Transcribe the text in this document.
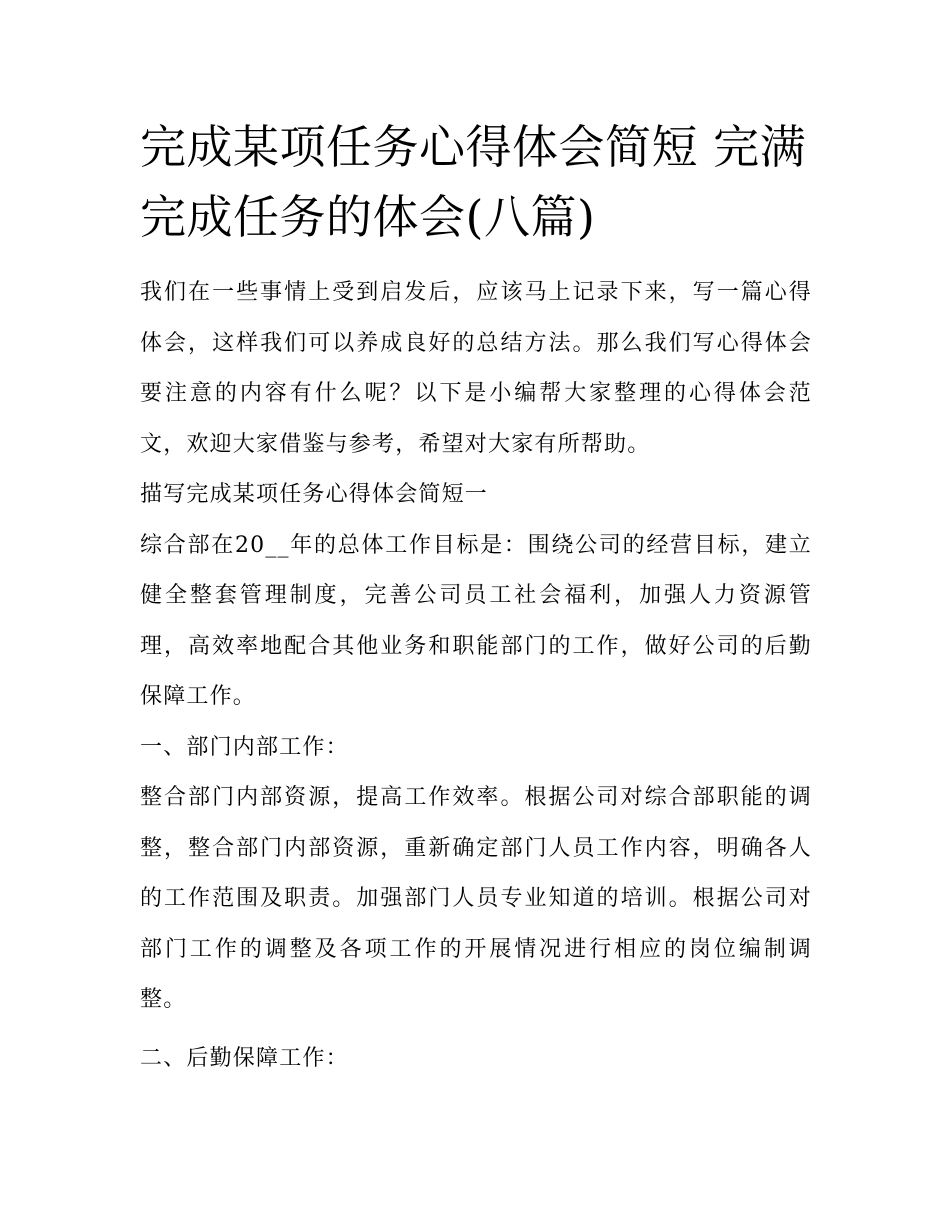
完成某项任务心得体会简短 完满完成任务的体会(八篇)

我们在一些事情上受到启发后，应该马上记录下来，写一篇心得体会，这样我们可以养成良好的总结方法。那么我们写心得体会要注意的内容有什么呢？以下是小编帮大家整理的心得体会范文，欢迎大家借鉴与参考，希望对大家有所帮助。

描写完成某项任务心得体会简短一

综合部在20__年的总体工作目标是：围绕公司的经营目标，建立健全整套管理制度，完善公司员工社会福利，加强人力资源管理，高效率地配合其他业务和职能部门的工作，做好公司的后勤保障工作。

一、部门内部工作：

整合部门内部资源，提高工作效率。根据公司对综合部职能的调整，整合部门内部资源，重新确定部门人员工作内容，明确各人的工作范围及职责。加强部门人员专业知道的培训。根据公司对部门工作的调整及各项工作的开展情况进行相应的岗位编制调整。

二、后勤保障工作：
